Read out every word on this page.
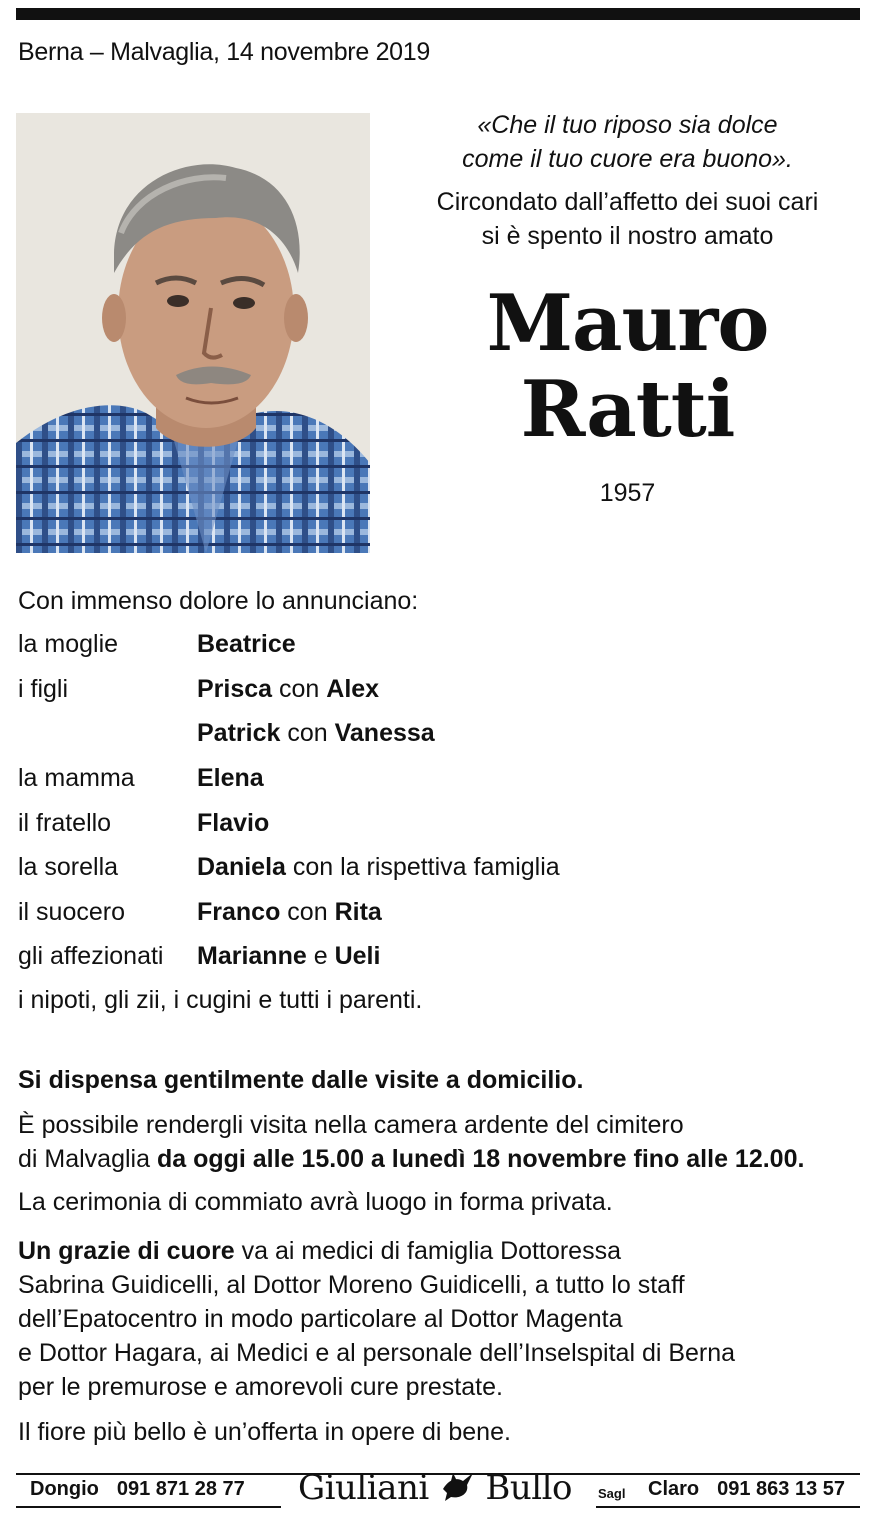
Berna – Malvaglia, 14 novembre 2019
«Che il tuo riposo sia dolce
come il tuo cuore era buono».
Circondato dall’affetto dei suoi cari
si è spento il nostro amato
Mauro
Ratti
1957
Con immenso dolore lo annunciano:
la moglie	Beatrice
i figli	Prisca con Alex
Patrick con Vanessa
la mamma Elena
il fratello	Flavio
la sorella	Daniela con la rispettiva famiglia
il suocero	Franco con Rita
gli affezionati Marianne e Ueli
i nipoti, gli zii, i cugini e tutti i parenti.
Si dispensa gentilmente dalle visite a domicilio.
È possibile rendergli visita nella camera ardente del cimitero
di Malvaglia da oggi alle 15.00 a lunedì 18 novembre fino alle 12.00.
La cerimonia di commiato avrà luogo in forma privata.
Un grazie di cuore va ai medici di famiglia Dottoressa
Sabrina Guidicelli, al Dottor Moreno Guidicelli, a tutto lo staff
dell’Epatocentro in modo particolare al Dottor Magenta
e Dottor Hagara, ai Medici e al personale dell’Inselspital di Berna
per le premurose e amorevoli cure prestate.
Il fiore più bello è un’offerta in opere di bene.
Dongio 091 871 28 77 Giuliani Bullo Sagl Claro 091 863 13 57
